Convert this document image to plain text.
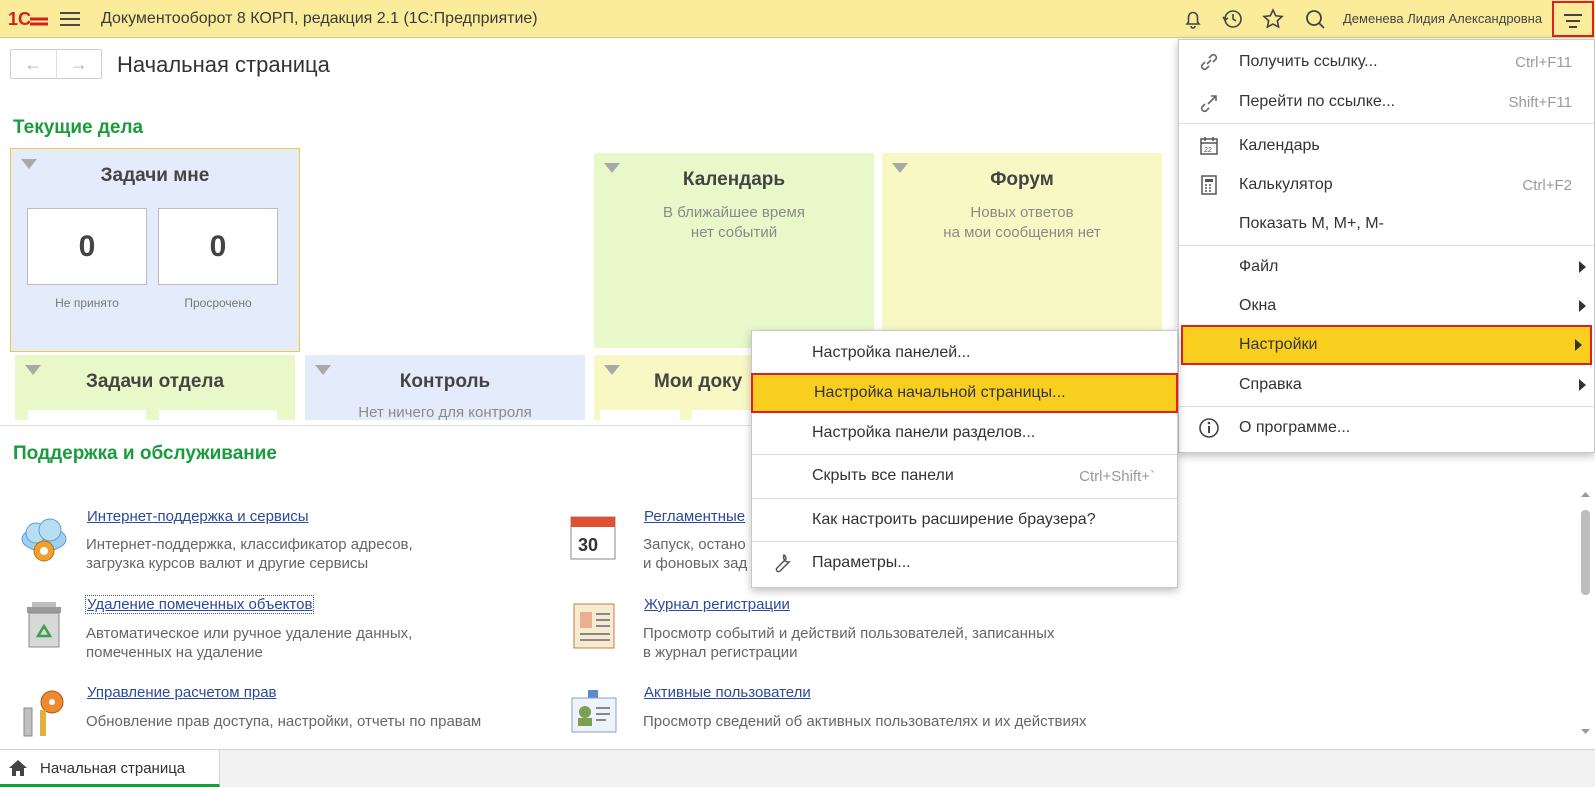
1С	Документооборот 8 КОРП, редакция 2.1 (1С:Предприятие)	Деменева Лидия Александровна
←	→	Начальная страница
Текущие дела
Задачи мне
0
Не принято
0
Просрочено
Календарь
В ближайшее время
нет событий
Форум
Новых ответов
на мои сообщения нет
Задачи отдела	Контроль
Нет ничего для контроля
Мои доку
Поддержка и обслуживание
Интернет-поддержка и сервисы
Интернет-поддержка, классификатор адресов,
загрузка курсов валют и другие сервисы
Удаление помеченных объектов
Автоматическое или ручное удаление данных,
помеченных на удаление
Управление расчетом прав
Обновление прав доступа, настройки, отчеты по правам
30
Регламентные
Запуск, остано
и фоновых зад
Журнал регистрации
Просмотр событий и действий пользователей, записанных
в журнал регистрации
Активные пользователи
Просмотр сведений об активных пользователях и их действиях
Начальная страница
Получить ссылку...	Ctrl+F11
Перейти по ссылке...	Shift+F11
22 Календарь
Калькулятор	Ctrl+F2
Показать М, М+, М-
Файл
Окна
Настройки
Справка
О программе...
Настройка панелей...
Настройка начальной страницы...
Настройка панели разделов...
Скрыть все панели	Ctrl+Shift+`
Как настроить расширение браузера?
Параметры...
